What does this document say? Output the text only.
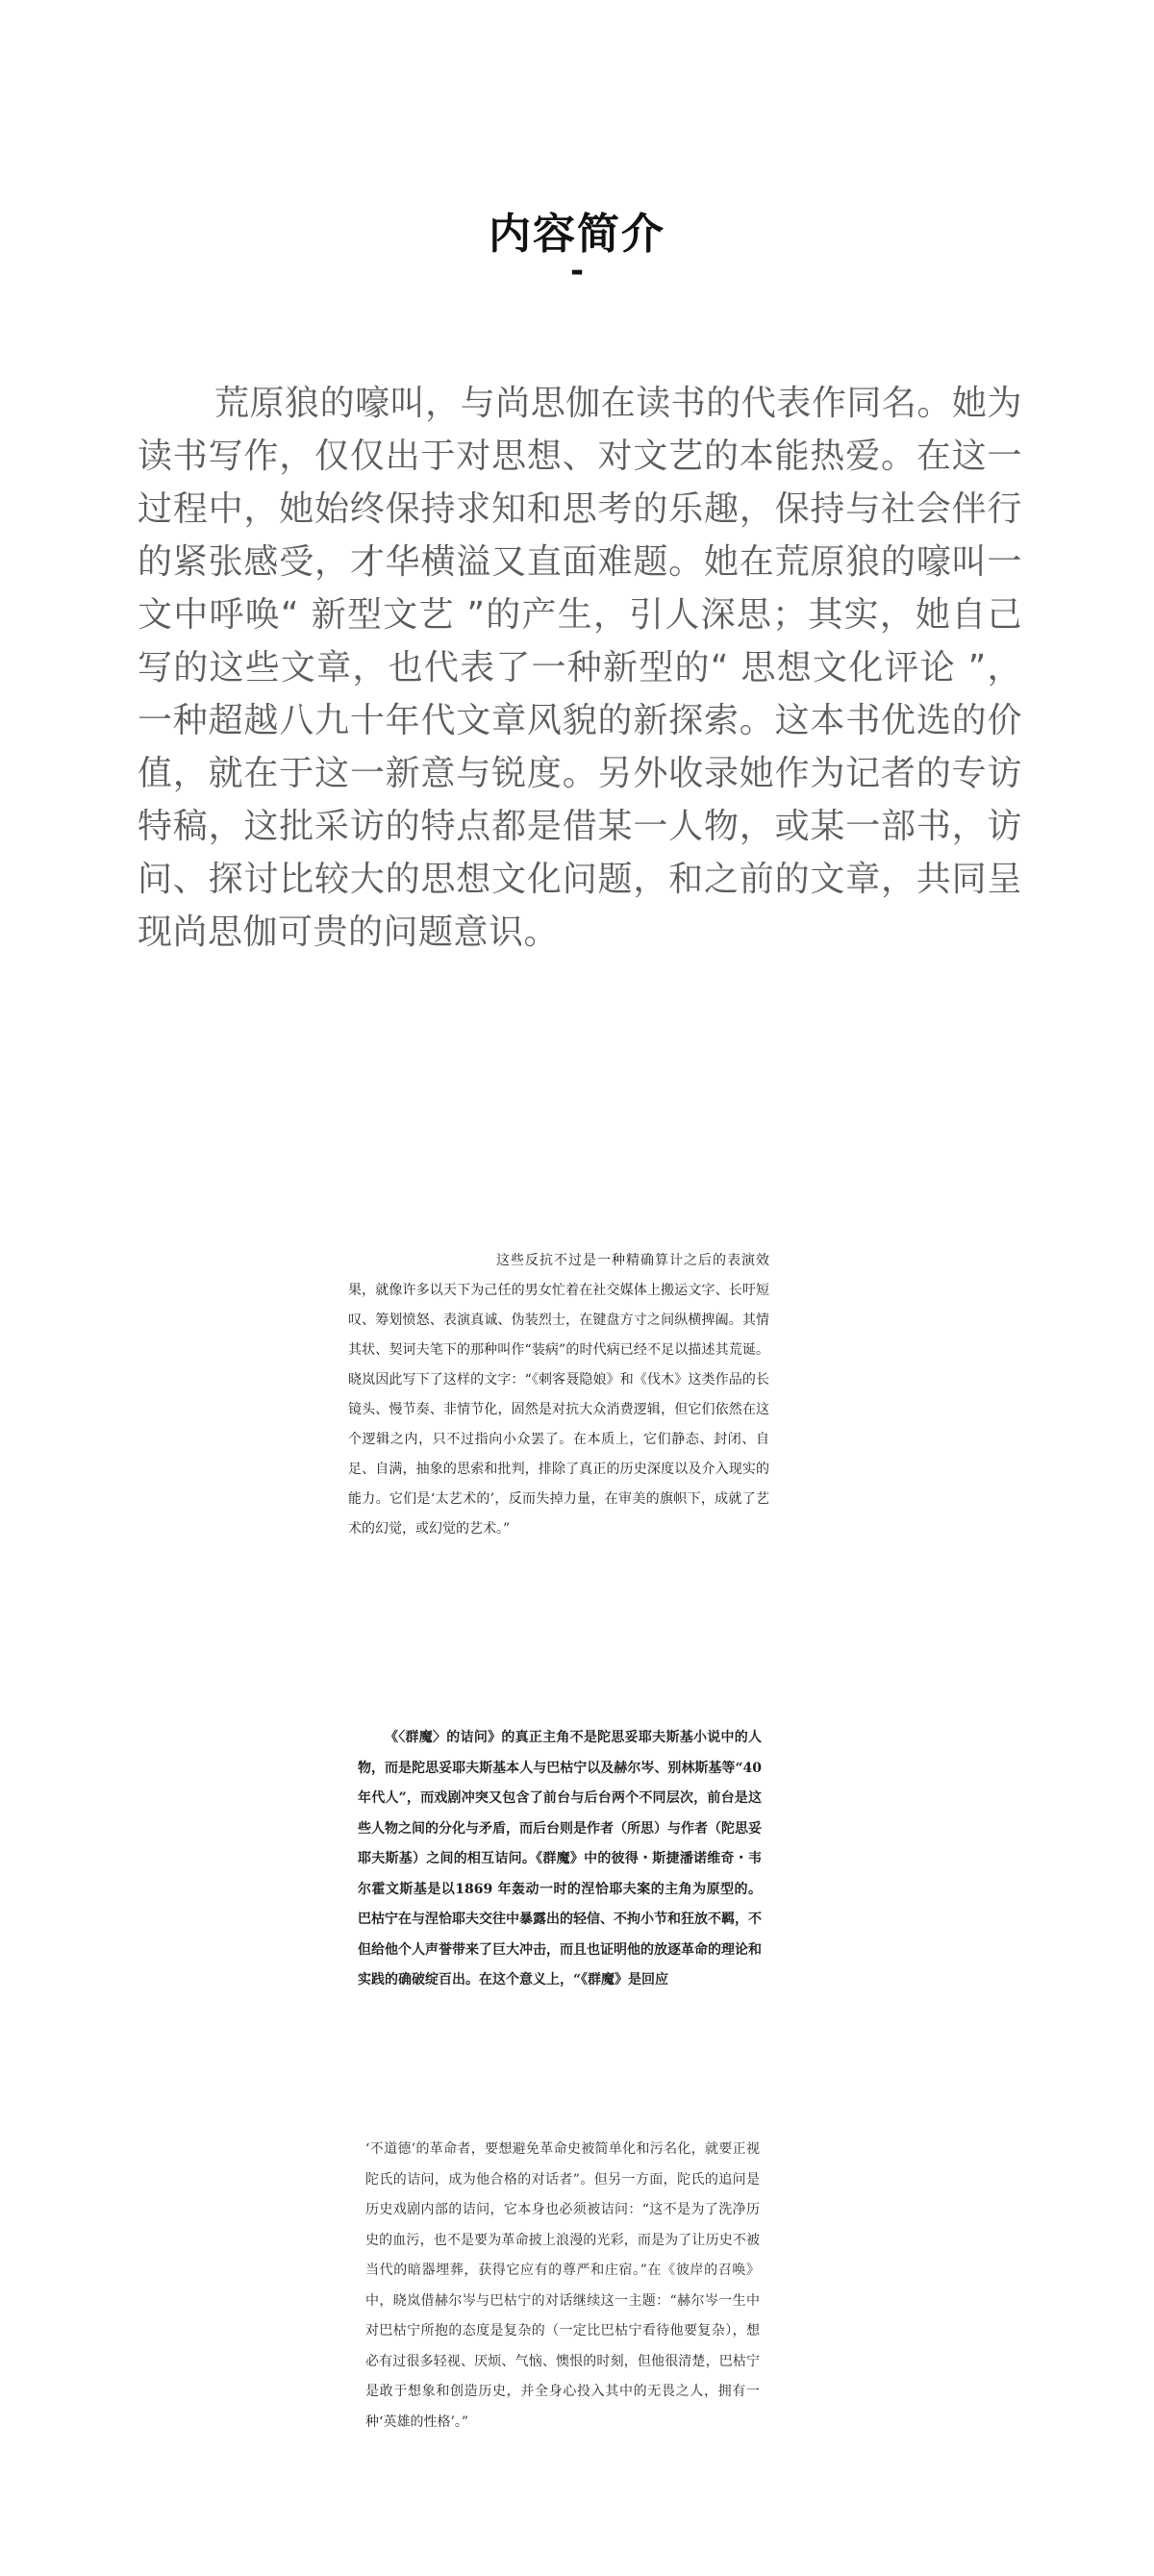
内容简介
-

荒原狼的嚎叫，与尚思伽在读书的代表作同名。她为读书写作，仅仅出于对思想、对文艺的本能热爱。在这一过程中，她始终保持求知和思考的乐趣，保持与社会伴行的紧张感受，才华横溢又直面难题。她在荒原狼的嚎叫一文中呼唤“ 新型文艺 ”的产生，引人深思；其实，她自己写的这些文章，也代表了一种新型的“ 思想文化评论 ”，一种超越八九十年代文章风貌的新探索。这本书优选的价值，就在于这一新意与锐度。另外收录她作为记者的专访特稿，这批采访的特点都是借某一人物，或某一部书，访问、探讨比较大的思想文化问题，和之前的文章，共同呈现尚思伽可贵的问题意识。

这些反抗不过是一种精确算计之后的表演效果，就像许多以天下为己任的男女忙着在社交媒体上搬运文字、长吁短叹、筹划愤怒、表演真诚、伪装烈士，在键盘方寸之间纵横捭阖。其情其状、契诃夫笔下的那种叫作“装病”的时代病已经不足以描述其荒诞。晓岚因此写下了这样的文字：“《刺客聂隐娘》和《伐木》这类作品的长镜头、慢节奏、非情节化，固然是对抗大众消费逻辑，但它们依然在这个逻辑之内，只不过指向小众罢了。在本质上，它们静态、封闭、自足、自满，抽象的思索和批判，排除了真正的历史深度以及介入现实的能力。它们是‘太艺术的’，反而失掉力量，在审美的旗帜下，成就了艺术的幻觉，或幻觉的艺术。”

《〈群魔〉的诘问》的真正主角不是陀思妥耶夫斯基小说中的人物，而是陀思妥耶夫斯基本人与巴枯宁以及赫尔岑、别林斯基等“40 年代人”，而戏剧冲突又包含了前台与后台两个不同层次，前台是这些人物之间的分化与矛盾，而后台则是作者（所思）与作者（陀思妥耶夫斯基）之间的相互诘问。《群魔》中的彼得・斯捷潘诺维奇・韦尔霍文斯基是以1869 年轰动一时的涅恰耶夫案的主角为原型的。巴枯宁在与涅恰耶夫交往中暴露出的轻信、不拘小节和狂放不羁，不但给他个人声誉带来了巨大冲击，而且也证明他的放逐革命的理论和实践的确破绽百出。在这个意义上，“《群魔》是回应

‘不道德’的革命者，要想避免革命史被简单化和污名化，就要正视陀氏的诘问，成为他合格的对话者”。但另一方面，陀氏的追问是历史戏剧内部的诘问，它本身也必须被诘问：“这不是为了洗净历史的血污，也不是要为革命披上浪漫的光彩，而是为了让历史不被当代的暗器埋葬，获得它应有的尊严和庄宿。”在《彼岸的召唤》中，晓岚借赫尔岑与巴枯宁的对话继续这一主题：“赫尔岑一生中对巴枯宁所抱的态度是复杂的（一定比巴枯宁看待他要复杂），想必有过很多轻视、厌烦、气恼、懊恨的时刻，但他很清楚，巴枯宁是敢于想象和创造历史，并全身心投入其中的无畏之人，拥有一种‘英雄的性格’。”
